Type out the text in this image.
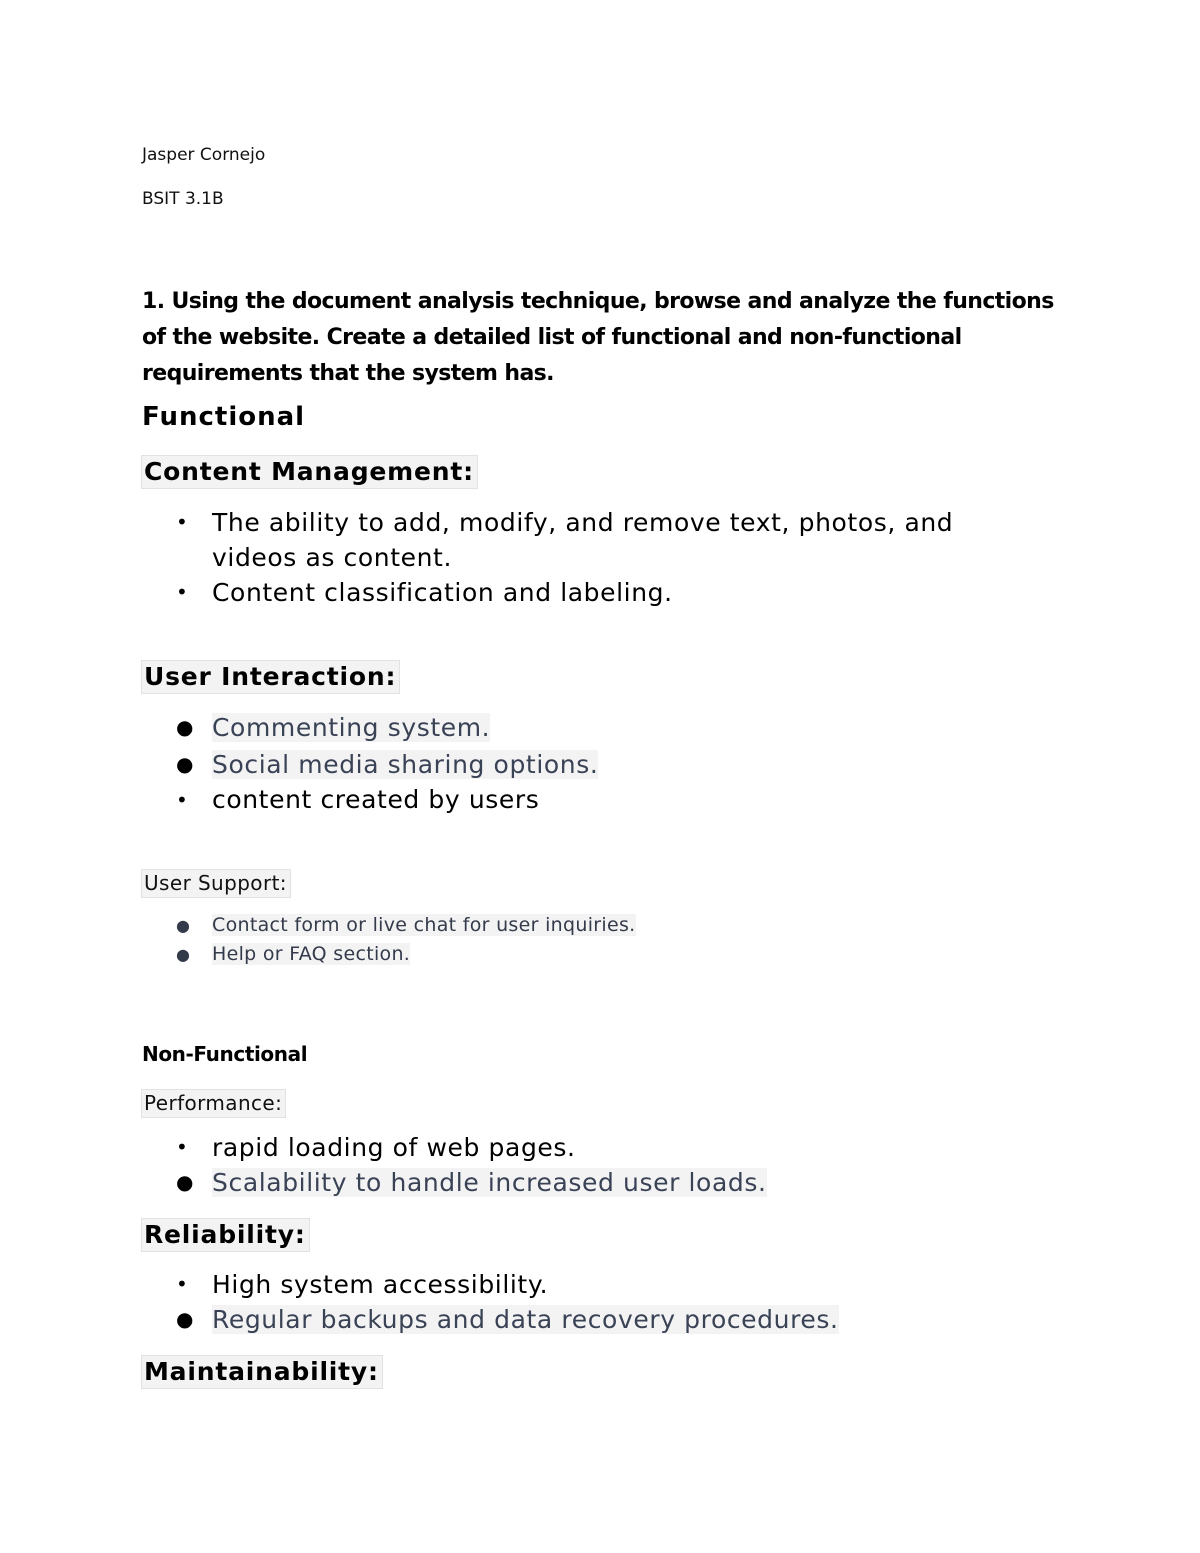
Jasper Cornejo
BSIT 3.1B
1. Using the document analysis technique, browse and analyze the functions of the website. Create a detailed list of functional and non-functional requirements that the system has.
Functional
Content Management:
• The ability to add, modify, and remove text, photos, and videos as content.
• Content classification and labeling.
User Interaction:
● Commenting system.
● Social media sharing options.
• content created by users
User Support:
● Contact form or live chat for user inquiries.
● Help or FAQ section.
Non-Functional
Performance:
• rapid loading of web pages.
● Scalability to handle increased user loads.
Reliability:
• High system accessibility.
● Regular backups and data recovery procedures.
Maintainability:
